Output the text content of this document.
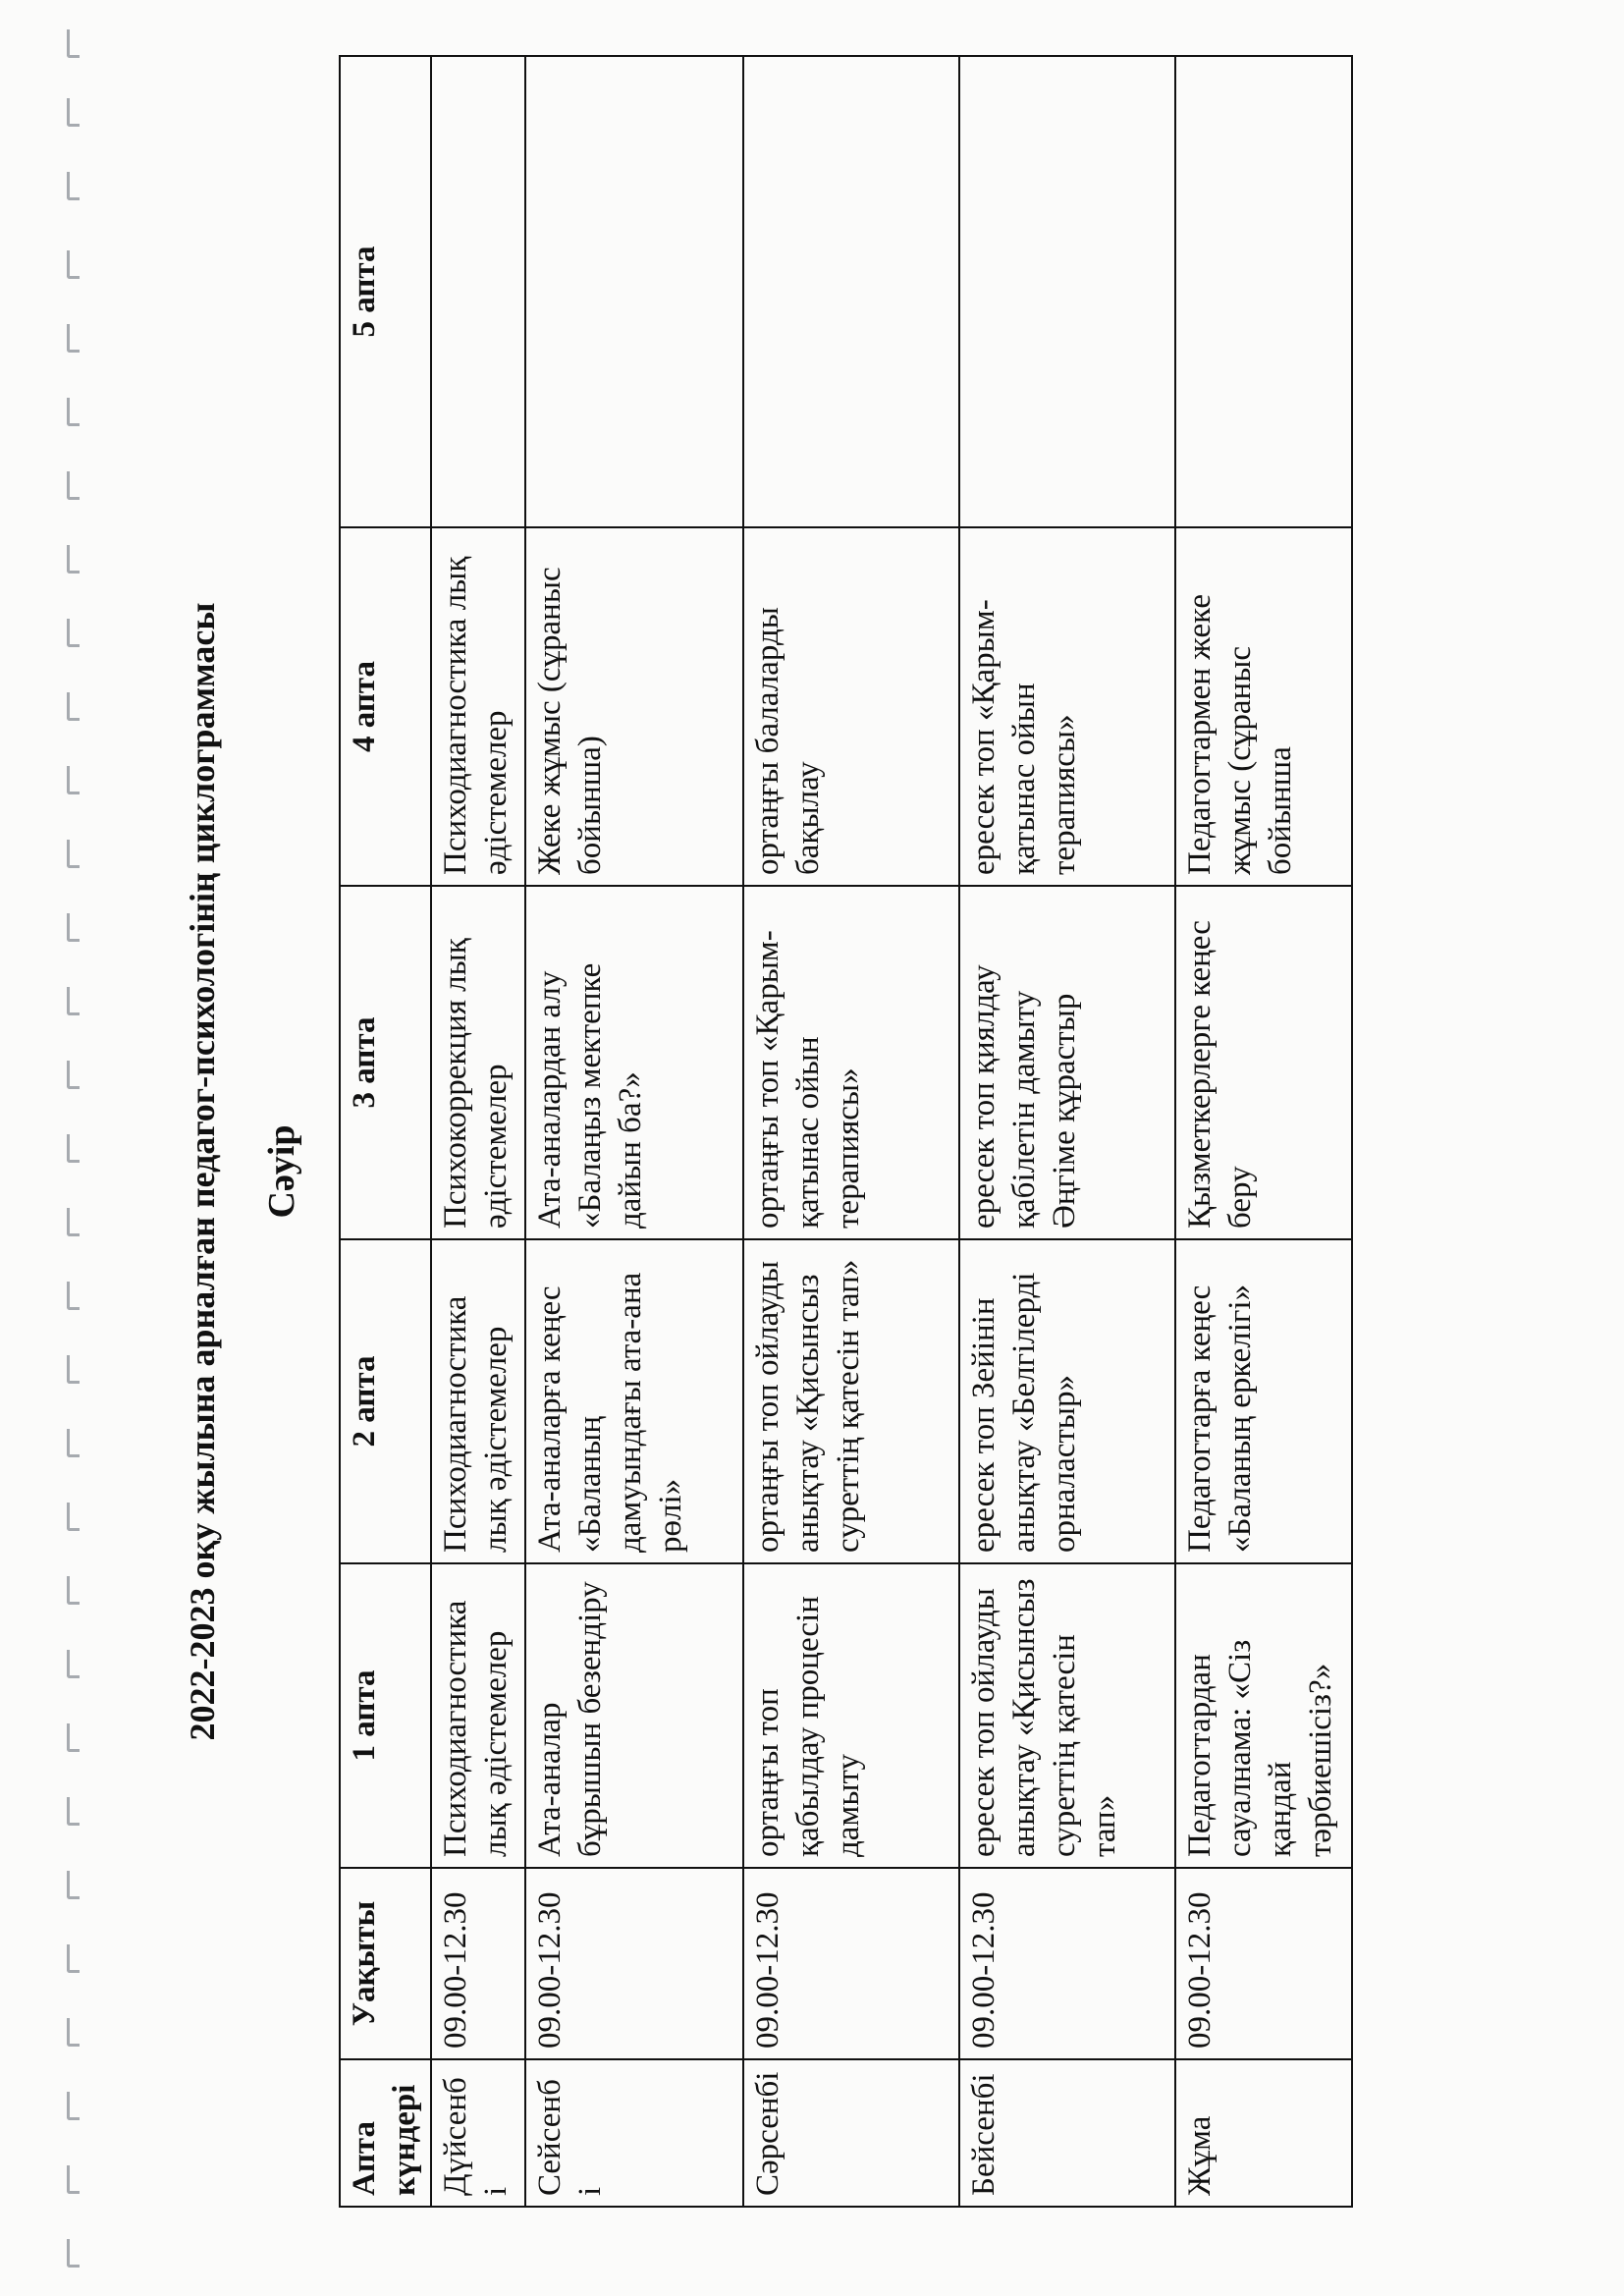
2022-2023 оқу жылына арналған педагог-психологінің циклограммасы Сәуір
Апта күндері	Уақыты	1 апта	2 апта	3 апта	4 апта	5 апта
Дүйсенбі	09.00-12.30	Психодиагностика лық әдістемелер	Психодиагностика лық әдістемелер	Психокоррекция лық әдістемелер	Психодиагностика лық әдістемелер	
Сейсенбі	09.00-12.30	Ата-аналар бұрышын безендіру	Ата-аналарға кеңес «Баланың дамуындағы ата-ана рөлі»	Ата-аналардан алу «Балаңыз мектепке дайын ба?»	Жеке жұмыс (сұраныс бойынша)	
Сәрсенбі	09.00-12.30	ортаңғы топ қабылдау процесін дамыту	ортаңғы топ ойлауды анықтау «Қисынсыз суреттің қатесін тап»	ортаңғы топ «Қарым-қатынас ойын терапиясы»	ортаңғы балаларды бақылау	
Бейсенбі	09.00-12.30	ересек топ ойлауды анықтау «Қисынсыз суреттің қатесін тап»	ересек топ Зейінін анықтау «Белгілерді орналастыр»	ересек топ қиялдау қабілетін дамыту Әңгіме құрастыр	ересек топ «Қарым-қатынас ойын терапиясы»	
Жұма	09.00-12.30	Педагогтардан сауалнама: «Сіз қандай тәрбиешісіз?»	Педагогтарға кеңес «Баланың еркелігі»	Қызметкерлерге кеңес беру	Педагогтармен жеке жұмыс (сұраныс бойынша	
